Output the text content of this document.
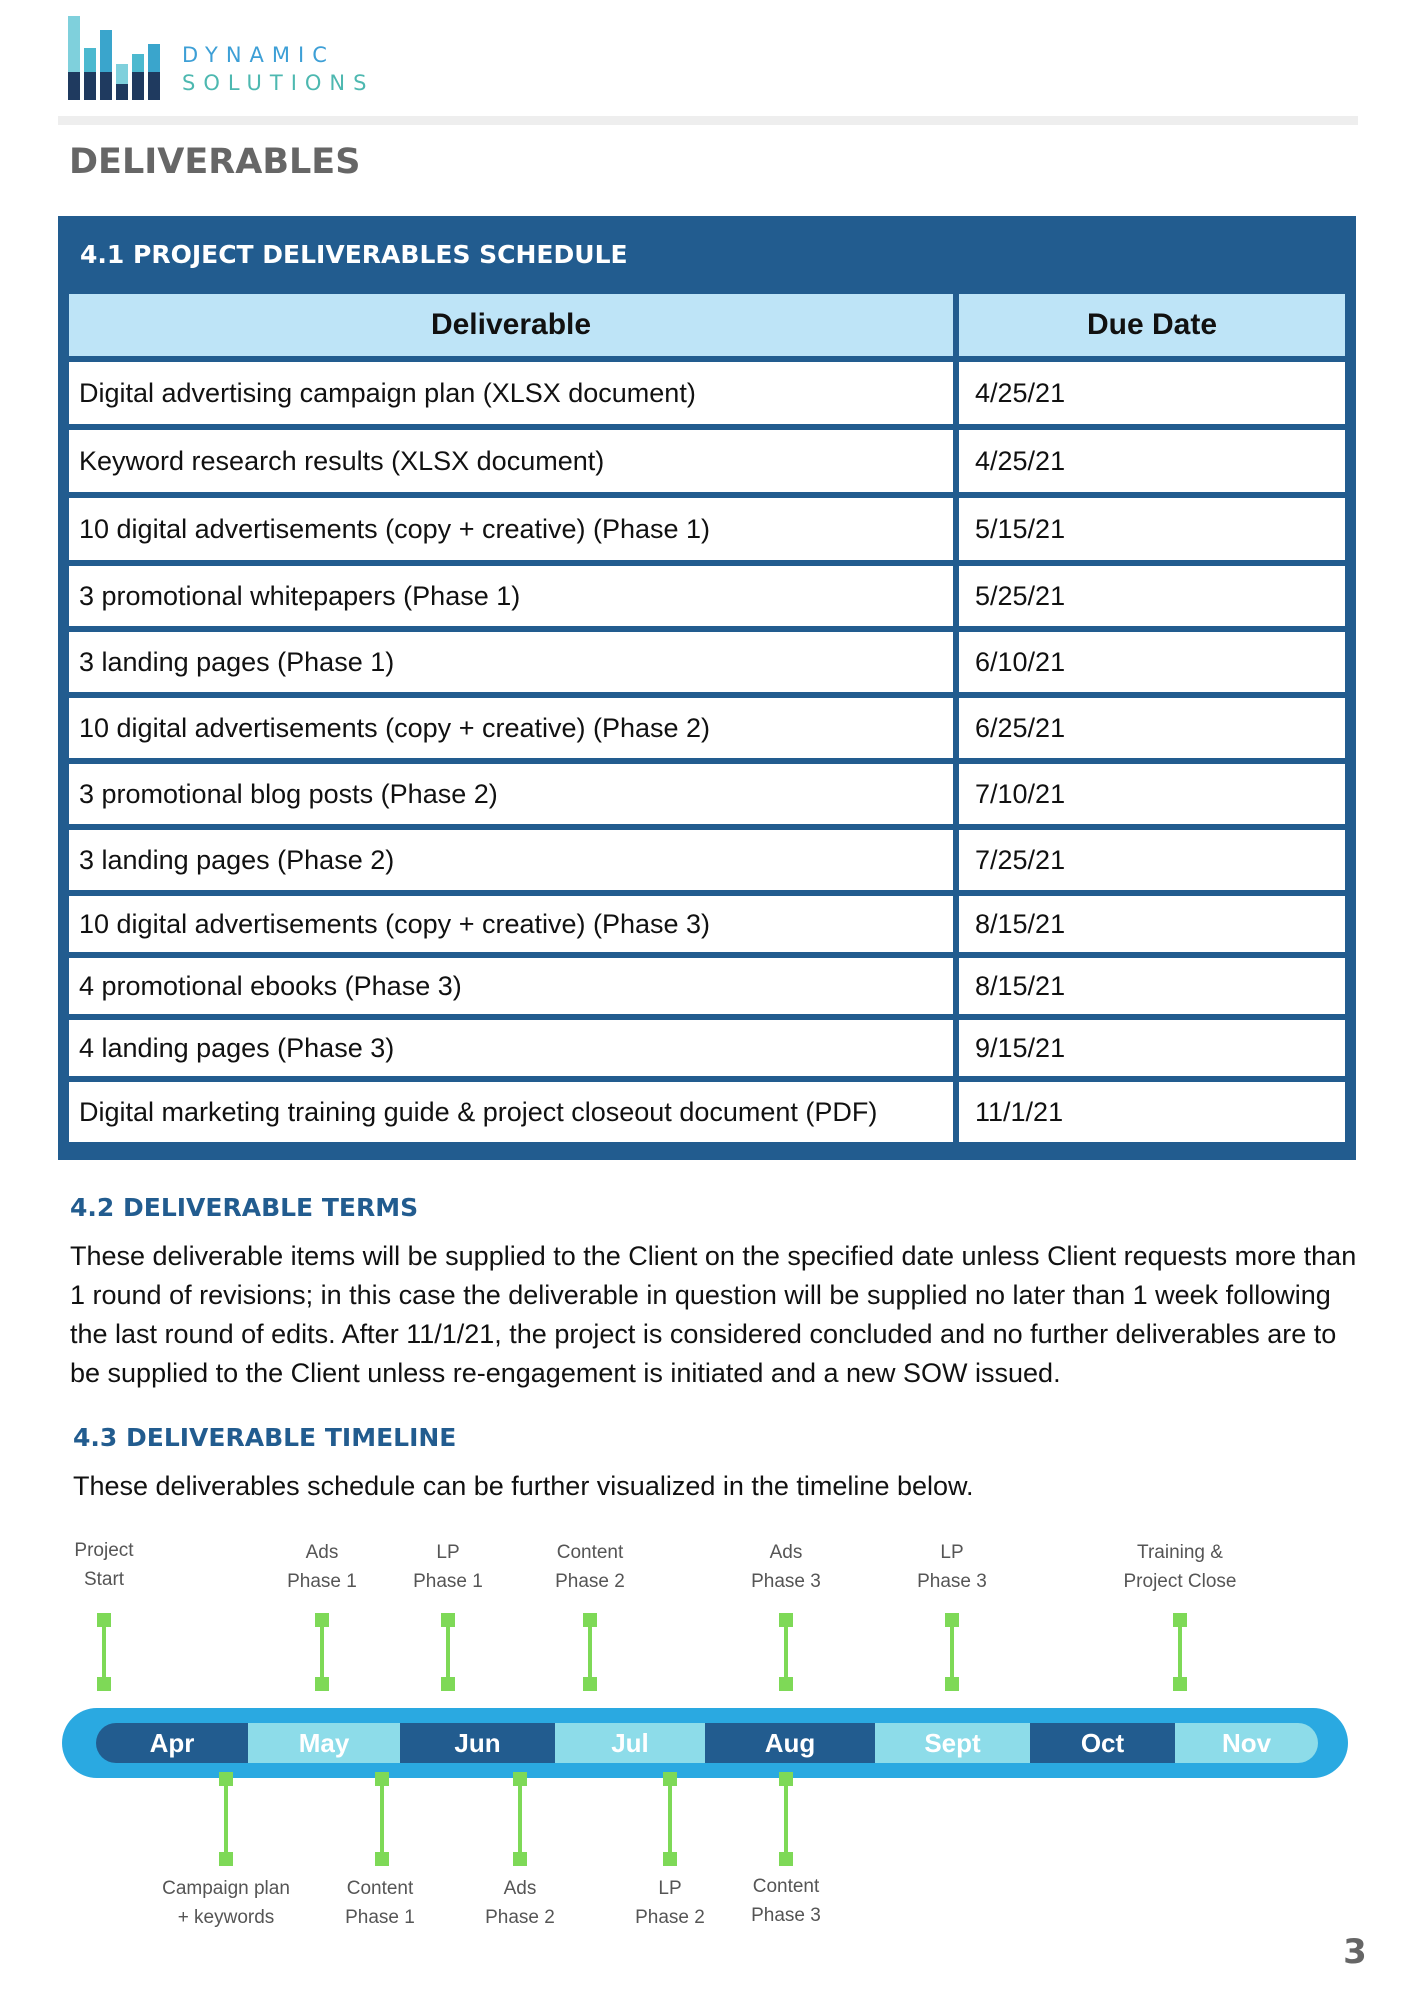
DYNAMIC
SOLUTIONS
DELIVERABLES
4.1 PROJECT DELIVERABLES SCHEDULE
Deliverable	Due Date
Digital advertising campaign plan (XLSX document)	4/25/21
Keyword research results (XLSX document)	4/25/21
10 digital advertisements (copy + creative) (Phase 1)	5/15/21
3 promotional whitepapers (Phase 1)	5/25/21
3 landing pages (Phase 1)	6/10/21
10 digital advertisements (copy + creative) (Phase 2)	6/25/21
3 promotional blog posts (Phase 2)	7/10/21
3 landing pages (Phase 2)	7/25/21
10 digital advertisements (copy + creative) (Phase 3)	8/15/21
4 promotional ebooks (Phase 3)	8/15/21
4 landing pages (Phase 3)	9/15/21
Digital marketing training guide & project closeout document (PDF)	11/1/21
4.2 DELIVERABLE TERMS

These deliverable items will be supplied to the Client on the specified date unless Client requests more than 1 round of revisions; in this case the deliverable in question will be supplied no later than 1 week following the last round of edits. After 11/1/21, the project is considered concluded and no further deliverables are to be supplied to the Client unless re-engagement is initiated and a new SOW issued.

4.3 DELIVERABLE TIMELINE

These deliverables schedule can be further visualized in the timeline below.

Project
Start
Ads
Phase 1
LP
Phase 1
Content
Phase 2
Ads
Phase 3
LP
Phase 3
Training &
Project Close
Apr	May	Jun	Jul	Aug	Sept	Oct	Nov
Campaign plan
+ keywords
Content
Phase 1
Ads
Phase 2
LP
Phase 2
Content
Phase 3
3
